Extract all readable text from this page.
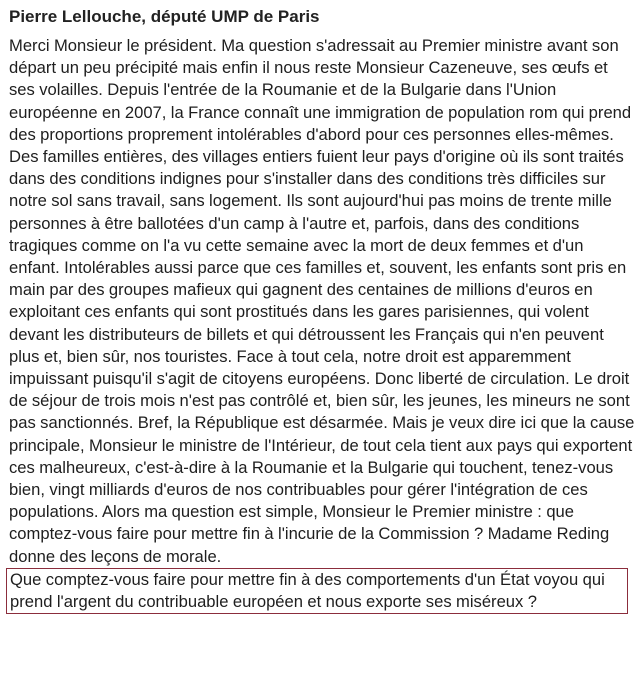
Pierre Lellouche, député UMP de Paris

Merci Monsieur le président. Ma question s'adressait au Premier ministre avant son départ un peu précipité mais enfin il nous reste Monsieur Cazeneuve, ses œufs et ses volailles. Depuis l'entrée de la Roumanie et de la Bulgarie dans l'Union européenne en 2007, la France connaît une immigration de population rom qui prend des proportions proprement intolérables d'abord pour ces personnes elles-mêmes. Des familles entières, des villages entiers fuient leur pays d'origine où ils sont traités dans des conditions indignes pour s'installer dans des conditions très difficiles sur notre sol sans travail, sans logement. Ils sont aujourd'hui pas moins de trente mille personnes à être ballotées d'un camp à l'autre et, parfois, dans des conditions tragiques comme on l'a vu cette semaine avec la mort de deux femmes et d'un enfant. Intolérables aussi parce que ces familles et, souvent, les enfants sont pris en main par des groupes mafieux qui gagnent des centaines de millions d'euros en exploitant ces enfants qui sont prostitués dans les gares parisiennes, qui volent devant les distributeurs de billets et qui détroussent les Français qui n'en peuvent plus et, bien sûr, nos touristes. Face à tout cela, notre droit est apparemment impuissant puisqu'il s'agit de citoyens européens. Donc liberté de circulation. Le droit de séjour de trois mois n'est pas contrôlé et, bien sûr, les jeunes, les mineurs ne sont pas sanctionnés. Bref, la République est désarmée. Mais je veux dire ici que la cause principale, Monsieur le ministre de l'Intérieur, de tout cela tient aux pays qui exportent ces malheureux, c'est-à-dire à la Roumanie et la Bulgarie qui touchent, tenez-vous bien, vingt milliards d'euros de nos contribuables pour gérer l'intégration de ces populations. Alors ma question est simple, Monsieur le Premier ministre : que comptez-vous faire pour mettre fin à l'incurie de la Commission ? Madame Reding donne des leçons de morale.
Que comptez-vous faire pour mettre fin à des comportements d'un État voyou qui prend l'argent du contribuable européen et nous exporte ses miséreux ?
